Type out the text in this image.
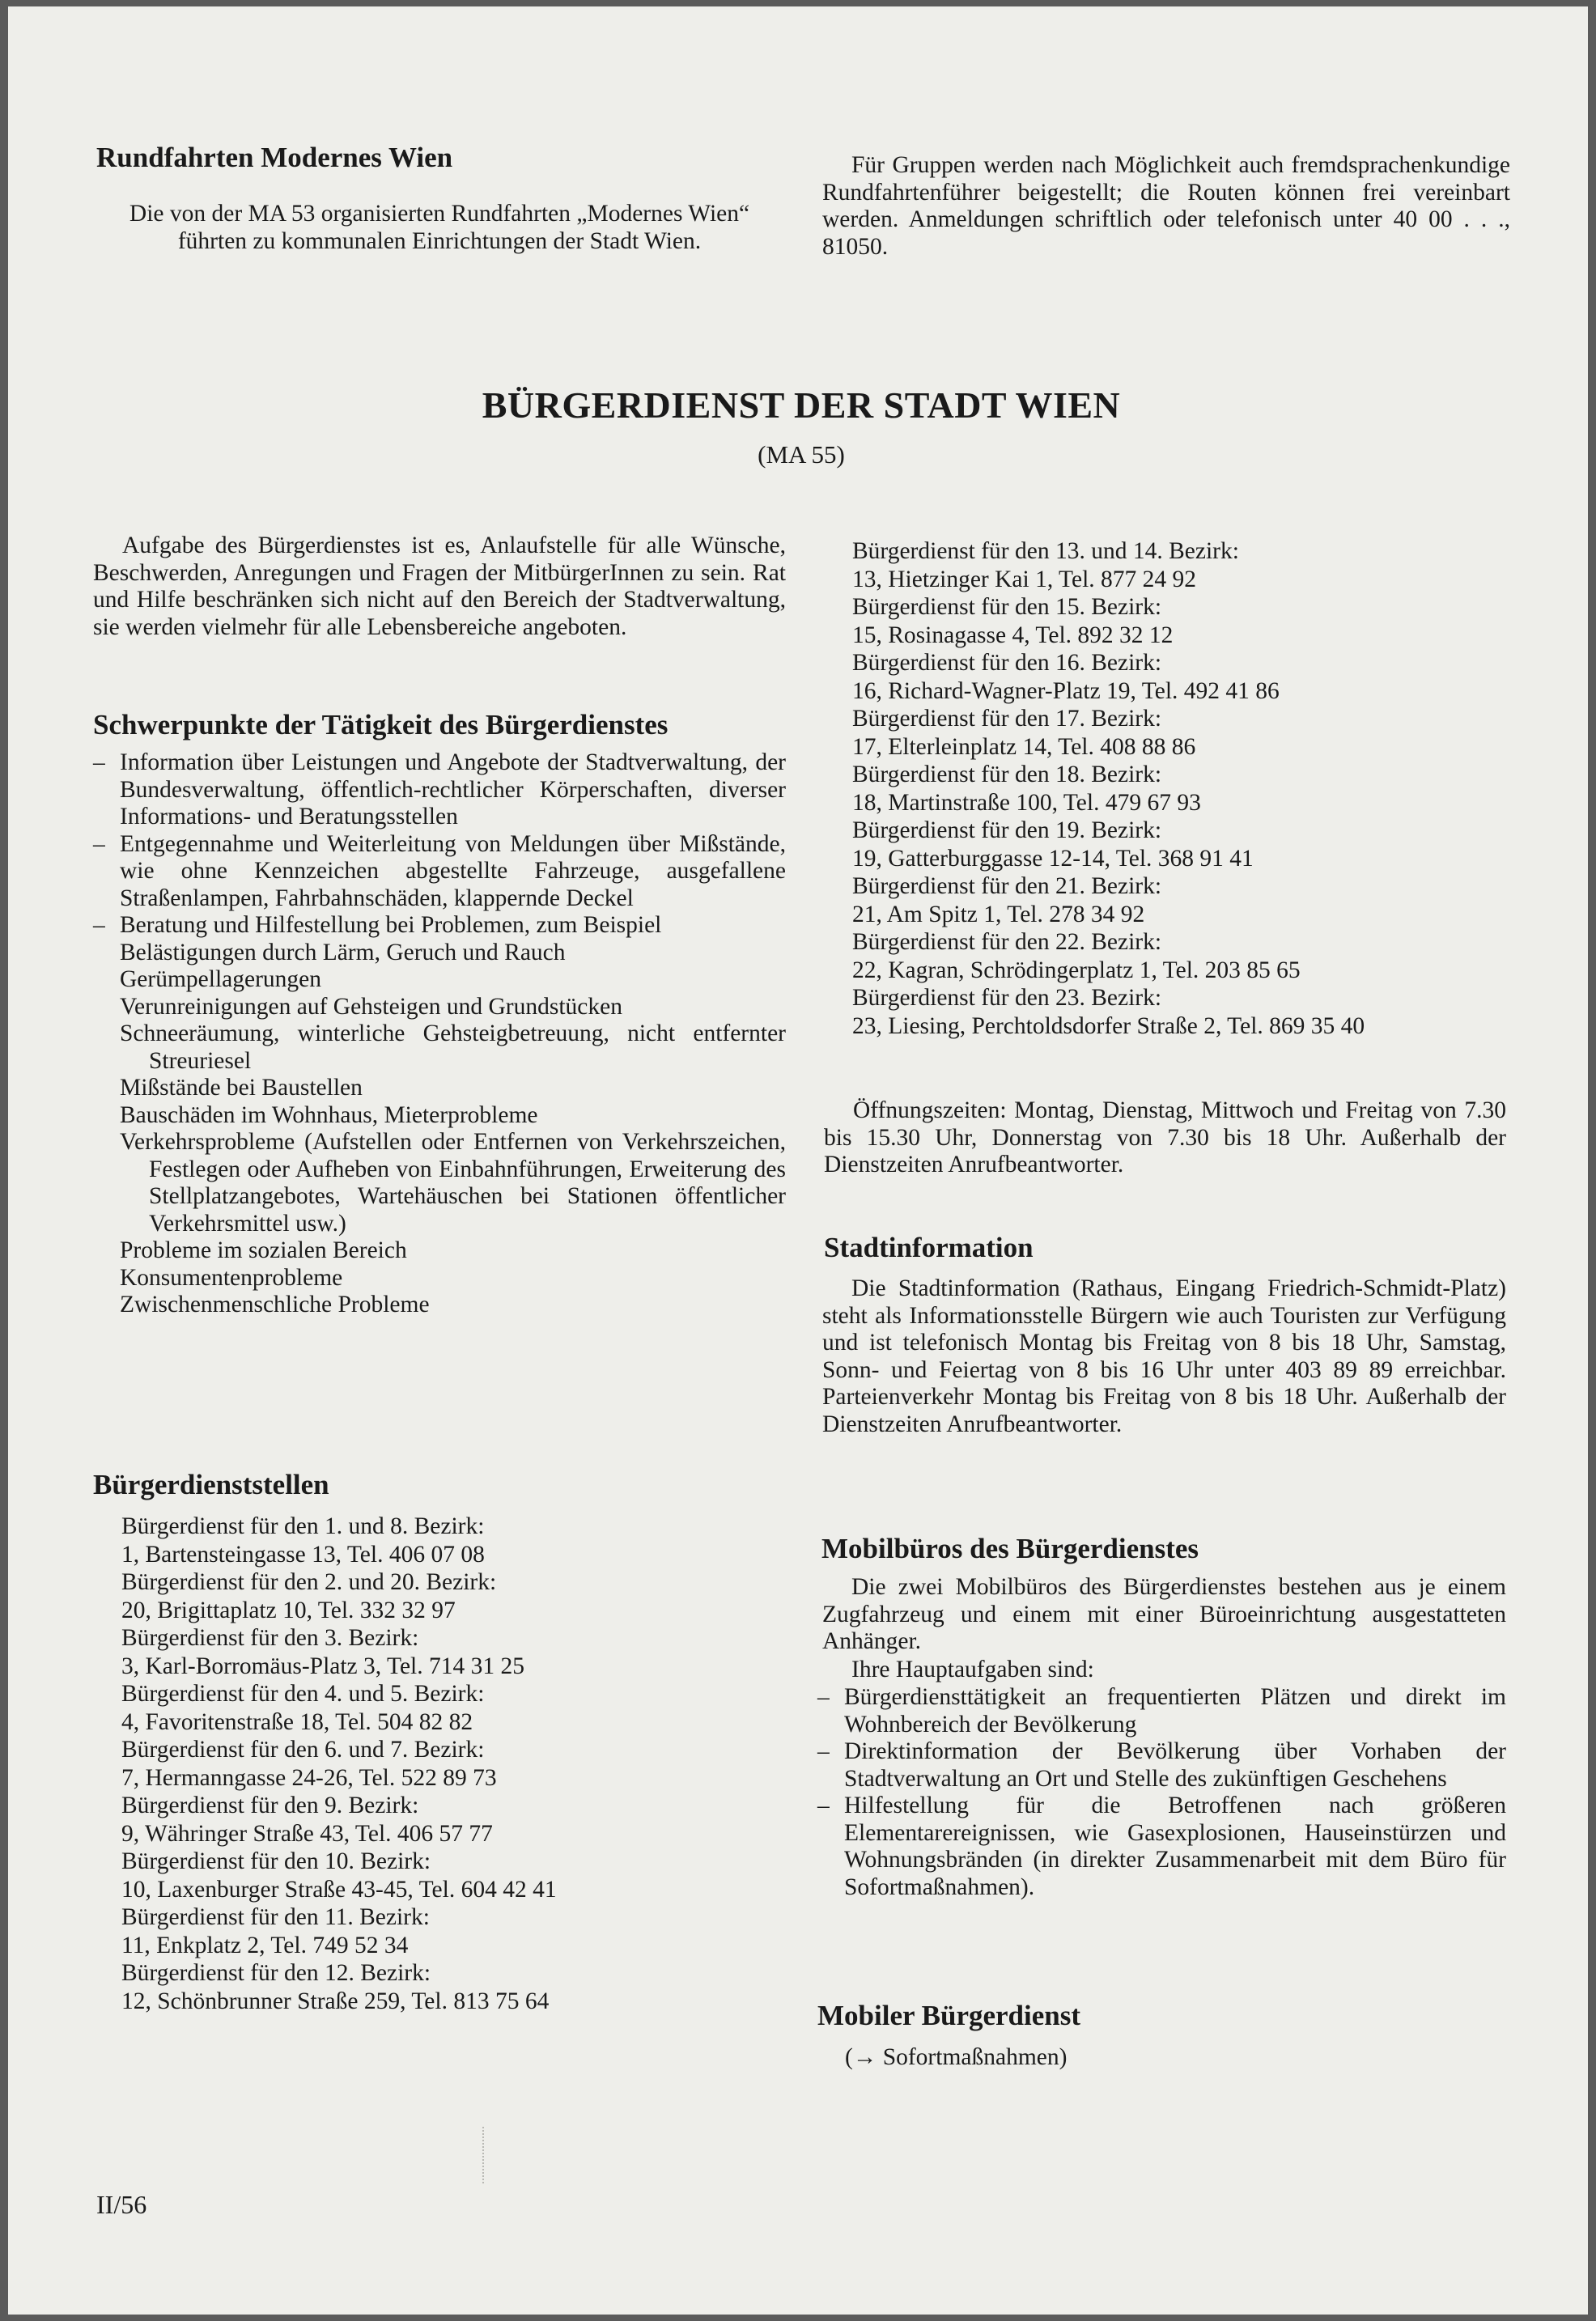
Rundfahrten Modernes Wien

Die von der MA 53 organisierten Rundfahrten „Modernes Wien“ führten zu kommunalen Einrichtungen der Stadt Wien.

Für Gruppen werden nach Möglichkeit auch fremdsprachenkundige Rundfahrtenführer beigestellt; die Routen können frei vereinbart werden. Anmeldungen schriftlich oder telefonisch unter 40 00 . . ., 81050.

BÜRGERDIENST DER STADT WIEN
(MA 55)

Aufgabe des Bürgerdienstes ist es, Anlaufstelle für alle Wünsche, Beschwerden, Anregungen und Fragen der MitbürgerInnen zu sein. Rat und Hilfe beschränken sich nicht auf den Bereich der Stadtverwaltung, sie werden vielmehr für alle Lebensbereiche angeboten.

Schwerpunkte der Tätigkeit des Bürgerdienstes
– Information über Leistungen und Angebote der Stadtverwaltung, der Bundesverwaltung, öffentlich-rechtlicher Körperschaften, diverser Informations- und Beratungsstellen
– Entgegennahme und Weiterleitung von Meldungen über Mißstände, wie ohne Kennzeichen abgestellte Fahrzeuge, ausgefallene Straßenlampen, Fahrbahnschäden, klappernde Deckel
– Beratung und Hilfestellung bei Problemen, zum Beispiel
Belästigungen durch Lärm, Geruch und Rauch
Gerümpellagerungen
Verunreinigungen auf Gehsteigen und Grundstücken
Schneeräumung, winterliche Gehsteigbetreuung, nicht entfernter Streuriesel
Mißstände bei Baustellen
Bauschäden im Wohnhaus, Mieterprobleme
Verkehrsprobleme (Aufstellen oder Entfernen von Verkehrszeichen, Festlegen oder Aufheben von Einbahnführungen, Erweiterung des Stellplatzangebotes, Wartehäuschen bei Stationen öffentlicher Verkehrsmittel usw.)
Probleme im sozialen Bereich
Konsumentenprobleme
Zwischenmenschliche Probleme
Bürgerdienststellen
Bürgerdienst für den 1. und 8. Bezirk:
1, Bartensteingasse 13, Tel. 406 07 08
Bürgerdienst für den 2. und 20. Bezirk:
20, Brigittaplatz 10, Tel. 332 32 97
Bürgerdienst für den 3. Bezirk:
3, Karl-Borromäus-Platz 3, Tel. 714 31 25
Bürgerdienst für den 4. und 5. Bezirk:
4, Favoritenstraße 18, Tel. 504 82 82
Bürgerdienst für den 6. und 7. Bezirk:
7, Hermanngasse 24-26, Tel. 522 89 73
Bürgerdienst für den 9. Bezirk:
9, Währinger Straße 43, Tel. 406 57 77
Bürgerdienst für den 10. Bezirk:
10, Laxenburger Straße 43-45, Tel. 604 42 41
Bürgerdienst für den 11. Bezirk:
11, Enkplatz 2, Tel. 749 52 34
Bürgerdienst für den 12. Bezirk:
12, Schönbrunner Straße 259, Tel. 813 75 64
II/56
Bürgerdienst für den 13. und 14. Bezirk:
13, Hietzinger Kai 1, Tel. 877 24 92
Bürgerdienst für den 15. Bezirk:
15, Rosinagasse 4, Tel. 892 32 12
Bürgerdienst für den 16. Bezirk:
16, Richard-Wagner-Platz 19, Tel. 492 41 86
Bürgerdienst für den 17. Bezirk:
17, Elterleinplatz 14, Tel. 408 88 86
Bürgerdienst für den 18. Bezirk:
18, Martinstraße 100, Tel. 479 67 93
Bürgerdienst für den 19. Bezirk:
19, Gatterburggasse 12-14, Tel. 368 91 41
Bürgerdienst für den 21. Bezirk:
21, Am Spitz 1, Tel. 278 34 92
Bürgerdienst für den 22. Bezirk:
22, Kagran, Schrödingerplatz 1, Tel. 203 85 65
Bürgerdienst für den 23. Bezirk:
23, Liesing, Perchtoldsdorfer Straße 2, Tel. 869 35 40

Öffnungszeiten: Montag, Dienstag, Mittwoch und Freitag von 7.30 bis 15.30 Uhr, Donnerstag von 7.30 bis 18 Uhr. Außerhalb der Dienstzeiten Anrufbeantworter.

Stadtinformation

Die Stadtinformation (Rathaus, Eingang Friedrich-Schmidt-Platz) steht als Informationsstelle Bürgern wie auch Touristen zur Verfügung und ist telefonisch Montag bis Freitag von 8 bis 18 Uhr, Samstag, Sonn- und Feiertag von 8 bis 16 Uhr unter 403 89 89 erreichbar. Parteienverkehr Montag bis Freitag von 8 bis 18 Uhr. Außerhalb der Dienstzeiten Anrufbeantworter.

Mobilbüros des Bürgerdienstes

Die zwei Mobilbüros des Bürgerdienstes bestehen aus je einem Zugfahrzeug und einem mit einer Büroeinrichtung ausgestatteten Anhänger.

Ihre Hauptaufgaben sind:
– Bürgerdiensttätigkeit an frequentierten Plätzen und direkt im Wohnbereich der Bevölkerung
– Direktinformation der Bevölkerung über Vorhaben der Stadtverwaltung an Ort und Stelle des zukünftigen Geschehens
– Hilfestellung für die Betroffenen nach größeren Elementarereignissen, wie Gasexplosionen, Hauseinstürzen und Wohnungsbränden (in direkter Zusammenarbeit mit dem Büro für Sofortmaßnahmen).
Mobiler Bürgerdienst
(→ Sofortmaßnahmen)
